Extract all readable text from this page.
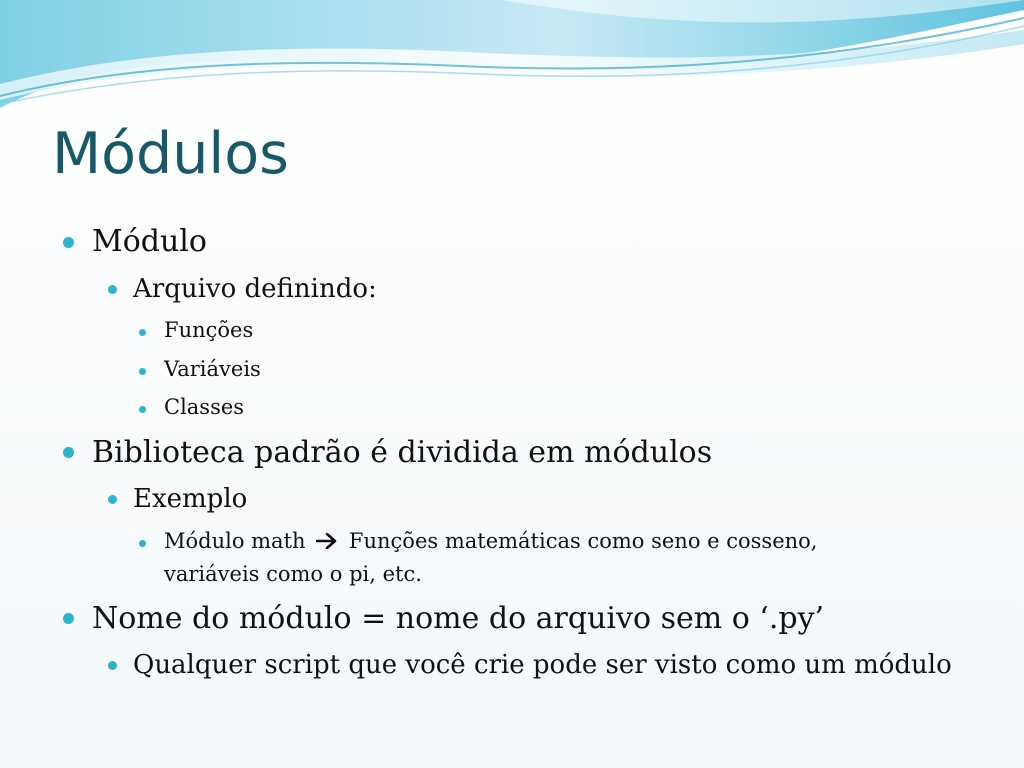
Módulos
Módulo
Arquivo definindo:
Funções
Variáveis
Classes
Biblioteca padrão é dividida em módulos
Exemplo
Módulo math Funções matemáticas como seno e cosseno,
variáveis como o pi, etc.
Nome do módulo = nome do arquivo sem o ‘.py’
Qualquer script que você crie pode ser visto como um módulo
